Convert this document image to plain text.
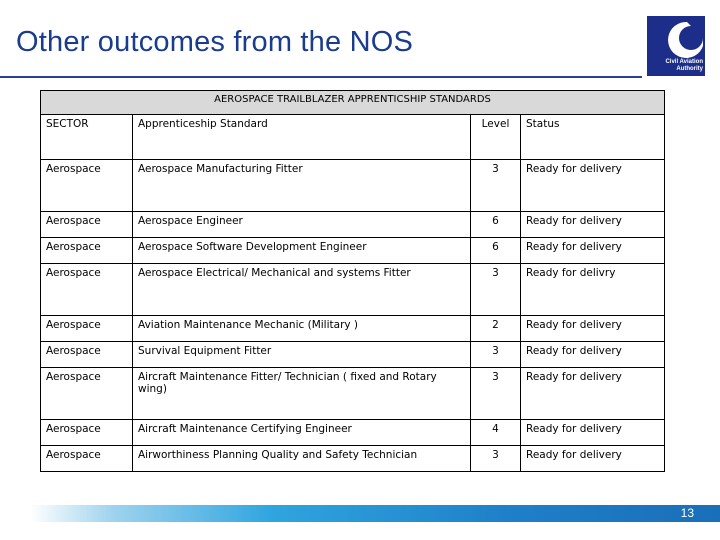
Other outcomes from the NOS
Civil Aviation
Authority
AEROSPACE TRAILBLAZER APPRENTICSHIP STANDARDS			
SECTOR	Apprenticeship Standard	Level	Status
Aerospace	Aerospace Manufacturing Fitter	3	Ready for delivery
Aerospace	Aerospace Engineer	6	Ready for delivery
Aerospace	Aerospace Software Development Engineer	6	Ready for delivery
Aerospace	Aerospace Electrical/ Mechanical and systems Fitter	3	Ready for delivry
Aerospace	Aviation Maintenance Mechanic (Military )	2	Ready for delivery
Aerospace	Survival Equipment Fitter	3	Ready for delivery
Aerospace	Aircraft Maintenance Fitter/ Technician ( fixed and Rotary wing)	3	Ready for delivery
Aerospace	Aircraft Maintenance Certifying Engineer	4	Ready for delivery
Aerospace	Airworthiness Planning Quality and Safety Technician	3	Ready for delivery
13
